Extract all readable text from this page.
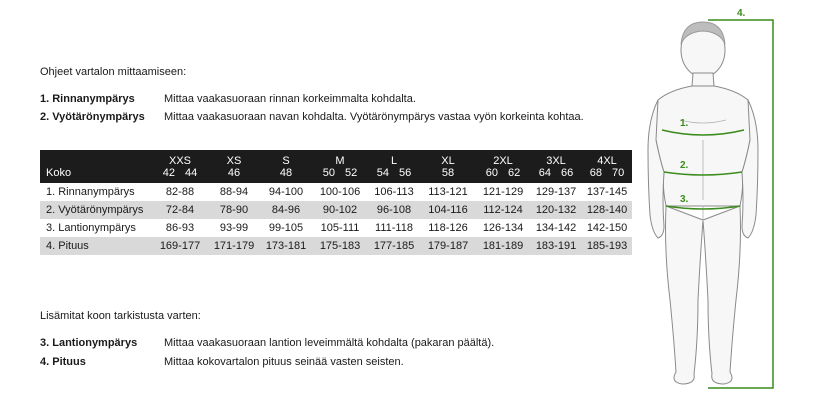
Ohjeet vartalon mittaamiseen:
1. Rinnanympärys	Mittaa vaakasuoraan rinnan korkeimmalta kohdalta.
2. Vyötärönympärys Mittaa vaakasuoraan navan kohdalta. Vyötärönympärys vastaa vyön korkeinta kohtaa.
	XXS	XS	S	M	L	XL	2XL	3XL	4XL
Koko	42 44	46	48	50 52	54 56	58	60 62	64 66	68 70

1. Rinnanympärys	82-88	88-94	94-100	100-106	106-113	113-121	121-129	129-137	137-145
2. Vyötärönympärys	72-84	78-90	84-96	90-102	96-108	104-116	112-124	120-132	128-140
3. Lantionympärys	86-93	93-99	99-105	105-111	111-118	118-126	126-134	134-142	142-150
4. Pituus	169-177	171-179	173-181	175-183	177-185	179-187	181-189	183-191	185-193
Lisämitat koon tarkistusta varten:
3. Lantionympärys Mittaa vaakasuoraan lantion leveimmältä kohdalta (pakaran päältä).
4. Pituus	Mittaa kokovartalon pituus seinää vasten seisten.
1.
2.
3.
4.
